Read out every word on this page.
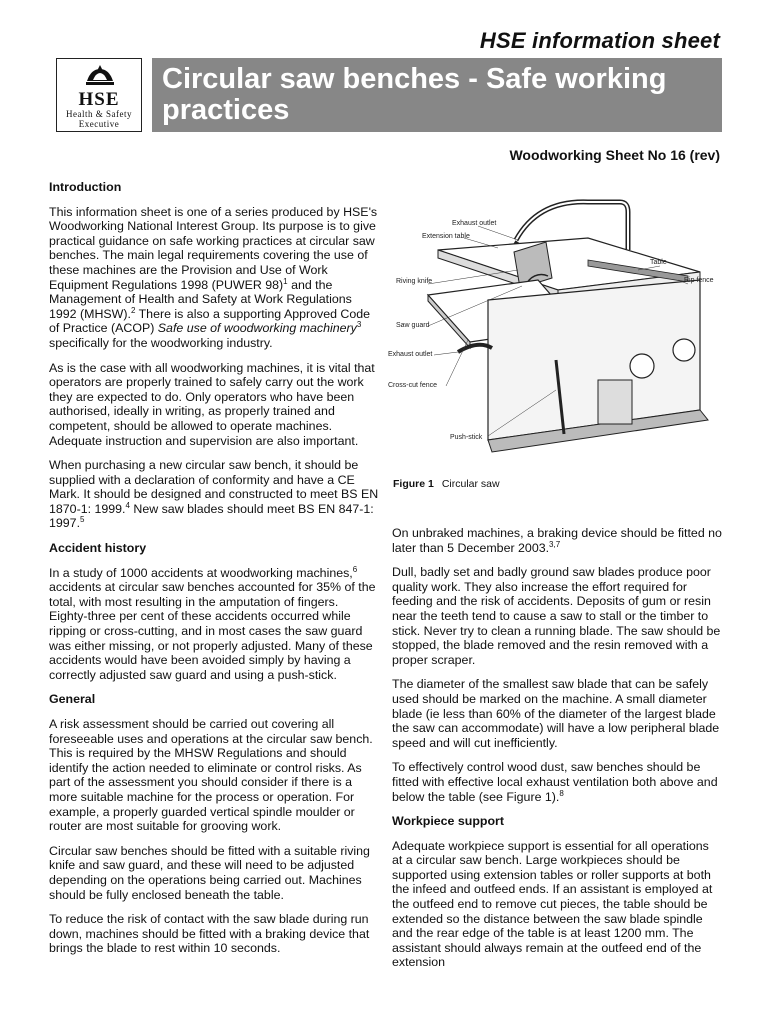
HSE information sheet
HSE
Health & Safety
Executive
Circular saw benches - Safe working practices
Woodworking Sheet No 16 (rev)
Introduction

This information sheet is one of a series produced by HSE's Woodworking National Interest Group. Its purpose is to give practical guidance on safe working practices at circular saw benches. The main legal requirements covering the use of these machines are the Provision and Use of Work Equipment Regulations 1998 (PUWER 98)$^1$ and the Management of Health and Safety at Work Regulations 1992 (MHSW).$^2$ There is also a supporting Approved Code of Practice (ACOP) Safe use of woodworking machinery$^3$ specifically for the woodworking industry.

As is the case with all woodworking machines, it is vital that operators are properly trained to safely carry out the work they are expected to do. Only operators who have been authorised, ideally in writing, as properly trained and competent, should be allowed to operate machines. Adequate instruction and supervision are also important.

When purchasing a new circular saw bench, it should be supplied with a declaration of conformity and have a CE Mark. It should be designed and constructed to meet BS EN 1870-1: 1999.$^4$ New saw blades should meet BS EN 847-1: 1997.$^5$

Accident history

In a study of 1000 accidents at woodworking machines,$^6$ accidents at circular saw benches accounted for 35% of the total, with most resulting in the amputation of fingers. Eighty-three per cent of these accidents occurred while ripping or cross-cutting, and in most cases the saw guard was either missing, or not properly adjusted. Many of these accidents would have been avoided simply by having a correctly adjusted saw guard and using a push-stick.

General

A risk assessment should be carried out covering all foreseeable uses and operations at the circular saw bench. This is required by the MHSW Regulations and should identify the action needed to eliminate or control risks. As part of the assessment you should consider if there is a more suitable machine for the process or operation. For example, a properly guarded vertical spindle moulder or router are most suitable for grooving work.

Circular saw benches should be fitted with a suitable riving knife and saw guard, and these will need to be adjusted depending on the operations being carried out. Machines should be fully enclosed beneath the table.

To reduce the risk of contact with the saw blade during run down, machines should be fitted with a braking device that brings the blade to rest within 10 seconds.

Exhaust outlet
Extension table
Table
Rip fence
Riving knife
Saw guard
Exhaust outlet
Cross-cut fence
Push-stick
Figure 1 Circular saw

On unbraked machines, a braking device should be fitted no later than 5 December 2003.$^{3,7}$

Dull, badly set and badly ground saw blades produce poor quality work. They also increase the effort required for feeding and the risk of accidents. Deposits of gum or resin near the teeth tend to cause a saw to stall or the timber to stick. Never try to clean a running blade. The saw should be stopped, the blade removed and the resin removed with a proper scraper.

The diameter of the smallest saw blade that can be safely used should be marked on the machine. A small diameter blade (ie less than 60% of the diameter of the largest blade the saw can accommodate) will have a low peripheral blade speed and will cut inefficiently.

To effectively control wood dust, saw benches should be fitted with effective local exhaust ventilation both above and below the table (see Figure 1).$^8$

Workpiece support

Adequate workpiece support is essential for all operations at a circular saw bench. Large workpieces should be supported using extension tables or roller supports at both the infeed and outfeed ends. If an assistant is employed at the outfeed end to remove cut pieces, the table should be extended so the distance between the saw blade spindle and the rear edge of the table is at least 1200 mm. The assistant should always remain at the outfeed end of the extension
